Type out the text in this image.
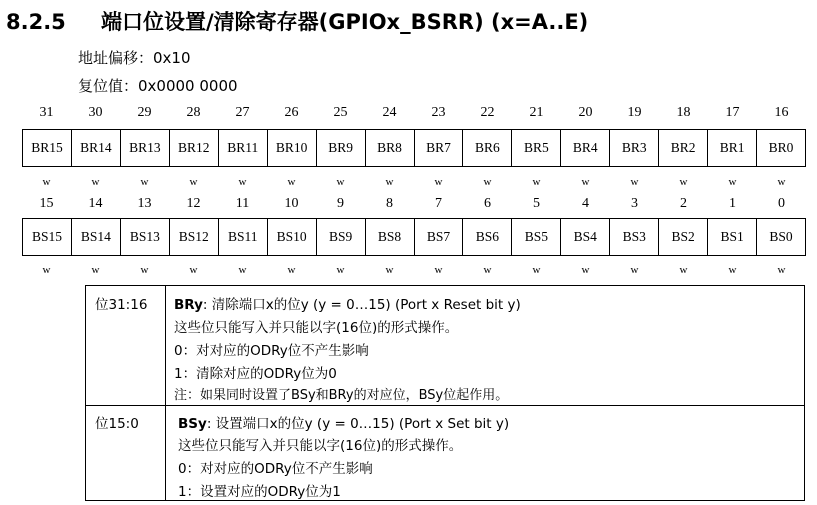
8.2.5 端口位设置/清除寄存器(GPIOx_BSRR) (x=A..E)
地址偏移：0x10
复位值：0x0000 0000
31	30	29	28	27	26	25	24	23	22	21	20	19	18	17	16
BR15	BR14	BR13	BR12	BR11	BR10	BR9	BR8	BR7	BR6	BR5	BR4	BR3	BR2	BR1	BR0
w	w	w	w	w	w	w	w	w	w	w	w	w	w	w	w
15	14	13	12	11	10	9	8	7	6	5	4	3	2	1	0
BS15	BS14	BS13	BS12	BS11	BS10	BS9	BS8	BS7	BS6	BS5	BS4	BS3	BS2	BS1	BS0
w	w	w	w	w	w	w	w	w	w	w	w	w	w	w	w
位31:16 BRy: 清除端口x的位y (y = 0…15) (Port x Reset bit y)
这些位只能写入并只能以字(16位)的形式操作。
0：对对应的ODRy位不产生影响
1：清除对应的ODRy位为0
注：如果同时设置了BSy和BRy的对应位，BSy位起作用。
位15:0	BSy: 设置端口x的位y (y = 0…15) (Port x Set bit y)
这些位只能写入并只能以字(16位)的形式操作。
0：对对应的ODRy位不产生影响
1：设置对应的ODRy位为1
